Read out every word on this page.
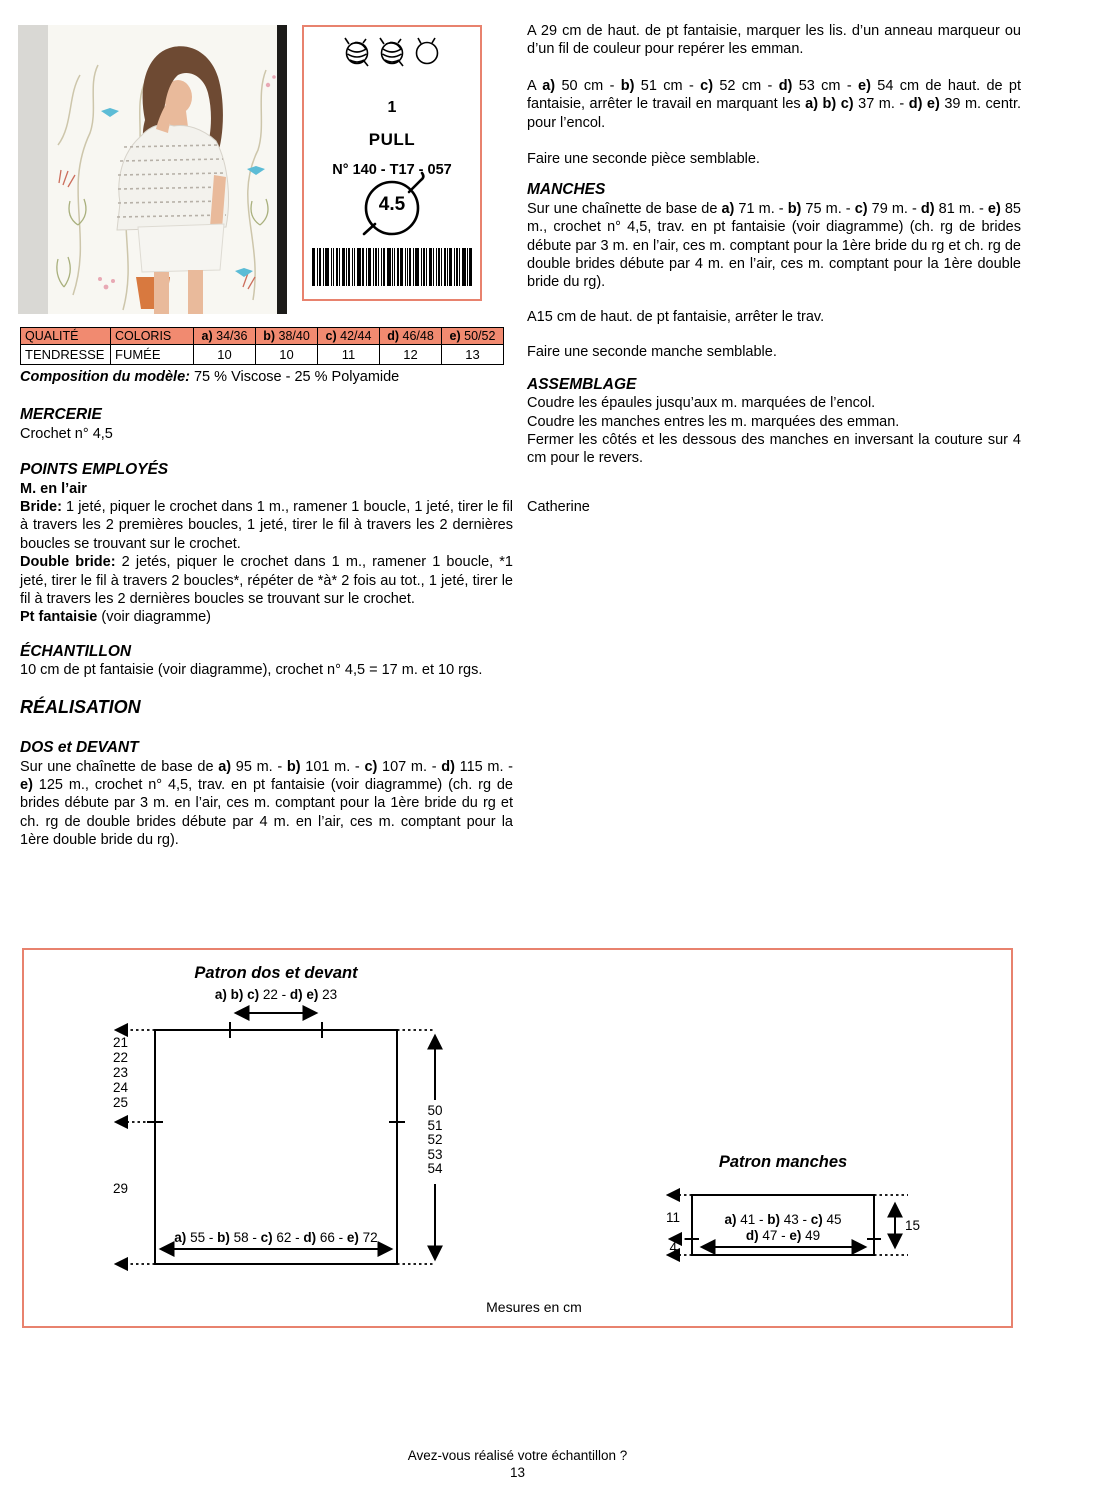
1
PULL
N° 140 - T17 - 057
4.5
QUALITÉ	COLORIS	a) 34/36	b) 38/40	c) 42/44	d) 46/48	e) 50/52
TENDRESSE	FUMÉE	10	10	11	12	13

Composition du modèle: 75 % Viscose - 25 % Polyamide

MERCERIE

Crochet n° 4,5

POINTS EMPLOYÉS

M. en l’air

Bride: 1 jeté, piquer le crochet dans 1 m., ramener 1 boucle, 1 jeté, tirer le fil à travers les 2 premières boucles, 1 jeté, tirer le fil à travers les 2 dernières boucles se trouvant sur le crochet.

Double bride: 2 jetés, piquer le crochet dans 1 m., ramener 1 boucle, *1 jeté, tirer le fil à travers 2 boucles*, répéter de *à* 2 fois au tot., 1 jeté, tirer le fil à travers les 2 dernières boucles se trouvant sur le crochet.

Pt fantaisie (voir diagramme)

ÉCHANTILLON

10 cm de pt fantaisie (voir diagramme), crochet n° 4,5 = 17 m. et 10 rgs.

RÉALISATION
DOS et DEVANT

Sur une chaînette de base de a) 95 m. - b) 101 m. - c) 107 m. - d) 115 m. - e) 125 m., crochet n° 4,5, trav. en pt fantaisie (voir diagramme) (ch. rg de brides débute par 3 m. en l’air, ces m. comptant pour la 1ère bride du rg et ch. rg de double brides débute par 4 m. en l’air, ces m. comptant pour la 1ère double bride du rg).

A 29 cm de haut. de pt fantaisie, marquer les lis. d’un anneau marqueur ou d’un fil de couleur pour repérer les emman.

A a) 50 cm - b) 51 cm - c) 52 cm - d) 53 cm - e) 54 cm de haut. de pt fantaisie, arrêter le travail en marquant les a) b) c) 37 m. - d) e) 39 m. centr. pour l’encol.

Faire une seconde pièce semblable.

MANCHES

Sur une chaînette de base de a) 71 m. - b) 75 m. - c) 79 m. - d) 81 m. - e) 85 m., crochet n° 4,5, trav. en pt fantaisie (voir diagramme) (ch. rg de brides débute par 3 m. en l’air, ces m. comptant pour la 1ère bride du rg et ch. rg de double brides débute par 4 m. en l’air, ces m. comptant pour la 1ère double bride du rg).

A15 cm de haut. de pt fantaisie, arrêter le trav.

Faire une seconde manche semblable.

ASSEMBLAGE

Coudre les épaules jusqu’aux m. marquées de l’encol.

Coudre les manches entres les m. marquées des emman.

Fermer les côtés et les dessous des manches en inversant la couture sur 4 cm pour le revers.

Catherine

Patron dos et devant
a) b) c) 22 - d) e) 23
21
22
23
24
25
29
50
51
52
53
54
a) 55 - b) 58 - c) 62 - d) 66 - e) 72
Patron manches
a) 41 - b) 43 - c) 45
d) 47 - e) 49
11
4
15
Mesures en cm
Avez-vous réalisé votre échantillon ?
13
